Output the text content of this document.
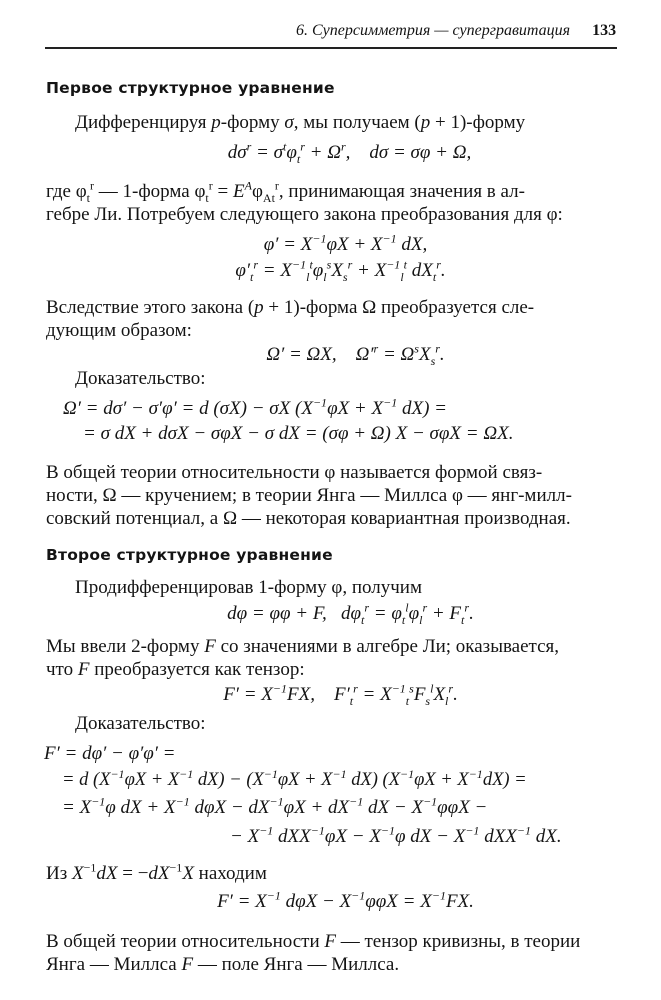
6. Суперсимметрия — супергравитация 133
Первое структурное уравнение
Дифференцируя p-форму σ, мы получаем (p + 1)-форму
$d\sigma^r = \sigma^t\varphi_t^r + \Omega^r$,    dσ = σφ + Ω,
где $\varphi_t^r$ — 1-форма $\varphi_t^r = E^A\varphi_{At}^r$, принимающая значения в ал-
гебре Ли. Потребуем следующего закона преобразования для φ:
$\varphi' = X^{-1}\varphi X + X^{-1}$ dX,
$\varphi'_t^r = X^{-1}_l^t\varphi_l^sX_s^r + X^{-1}_l^t$ $dX_t^r$.
Вследствие этого закона (p + 1)-форма Ω преобразуется сле-
дующим образом:
Ω′ = ΩX,    $\Omega'^r = \Omega^sX_s^r$.
Доказательство:
Ω′ = dσ′ − σ′φ′ = d (σX) − σX ($X^{-1}\varphi X + X^{-1}$ dX) =
= σ dX + dσX − σφX − σ dX = (σφ + Ω) X − σφX = ΩX.
В общей теории относительности φ называется формой связ-
ности, Ω — кручением; в теории Янга — Миллса φ — янг-милл-
совский потенциал, а Ω — некоторая ковариантная производная.
Второе структурное уравнение
Продифференцировав 1-форму φ, получим
dφ = φφ + F,   $d\varphi_t^r = \varphi_t^l\varphi_l^r + F_t^r$.
Мы ввели 2-форму F со значениями в алгебре Ли; оказывается,
что F преобразуется как тензор:
$F' = X^{-1}FX$,    $F'_t^r = X^{-1}_t^sF_s^lX_l^r$.
Доказательство:
F′ = dφ′ − φ′φ′ =
= d ($X^{-1}\varphi X + X^{-1}$ $dX) - (X^{-1}\varphi X + X^{-1}$ dX) $(X^{-1}\varphi X + X^{-1}dX)$ =
= $X^{-1}\varphi$ dX + $X^{-1}$ $d\varphi X - dX^{-1}\varphi X + dX^{-1}$ dX − $X^{-1}\varphi\varphi X$ −
− $X^{-1}$ $dXX^{-1}\varphi X - X^{-1}\varphi$ dX − $X^{-1}$ dXX$^{-1}$ dX.
Из $X^{-1}dX = -dX^{-1}X$ находим
$F' = X^{-1}$ $d\varphi X - X^{-1}\varphi\varphi X = X^{-1}FX$.
В общей теории относительности F — тензор кривизны, в теории
Янга — Миллса F — поле Янга — Миллса.
